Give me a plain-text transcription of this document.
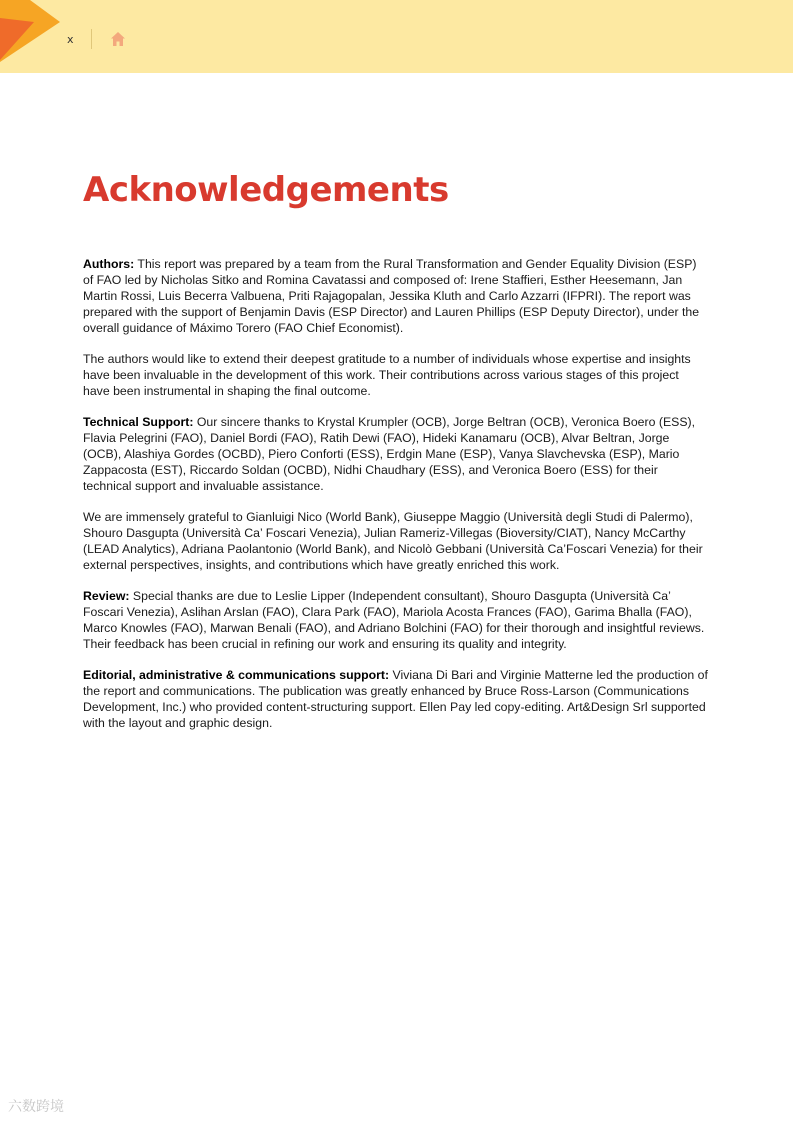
x
Acknowledgements

Authors: This report was prepared by a team from the Rural Transformation and Gender Equality Division (ESP) of FAO led by Nicholas Sitko and Romina Cavatassi and composed of: Irene Staffieri, Esther Heesemann, Jan Martin Rossi, Luis Becerra Valbuena, Priti Rajagopalan, Jessika Kluth and Carlo Azzarri (IFPRI). The report was prepared with the support of Benjamin Davis (ESP Director) and Lauren Phillips (ESP Deputy Director), under the overall guidance of Máximo Torero (FAO Chief Economist).

The authors would like to extend their deepest gratitude to a number of individuals whose expertise and insights have been invaluable in the development of this work. Their contributions across various stages of this project have been instrumental in shaping the final outcome.

Technical Support: Our sincere thanks to Krystal Krumpler (OCB), Jorge Beltran (OCB), Veronica Boero (ESS), Flavia Pelegrini (FAO), Daniel Bordi (FAO), Ratih Dewi (FAO), Hideki Kanamaru (OCB), Alvar Beltran, Jorge (OCB), Alashiya Gordes (OCBD), Piero Conforti (ESS), Erdgin Mane (ESP), Vanya Slavchevska (ESP), Mario Zappacosta (EST), Riccardo Soldan (OCBD), Nidhi Chaudhary (ESS), and Veronica Boero (ESS) for their technical support and invaluable assistance.

We are immensely grateful to Gianluigi Nico (World Bank), Giuseppe Maggio (Università degli Studi di Palermo), Shouro Dasgupta (Università Ca’ Foscari Venezia), Julian Rameriz-Villegas (Bioversity/CIAT), Nancy McCarthy (LEAD Analytics), Adriana Paolantonio (World Bank), and Nicolò Gebbani (Università Ca’Foscari Venezia) for their external perspectives, insights, and contributions which have greatly enriched this work.

Review: Special thanks are due to Leslie Lipper (Independent consultant), Shouro Dasgupta (Università Ca’ Foscari Venezia), Aslihan Arslan (FAO), Clara Park (FAO), Mariola Acosta Frances (FAO), Garima Bhalla (FAO), Marco Knowles (FAO), Marwan Benali (FAO), and Adriano Bolchini (FAO) for their thorough and insightful reviews. Their feedback has been crucial in refining our work and ensuring its quality and integrity.

Editorial, administrative & communications support: Viviana Di Bari and Virginie Matterne led the production of the report and communications. The publication was greatly enhanced by Bruce Ross-Larson (Communications Development, Inc.) who provided content-structuring support. Ellen Pay led copy-editing. Art&Design Srl supported with the layout and graphic design.

六数跨境
